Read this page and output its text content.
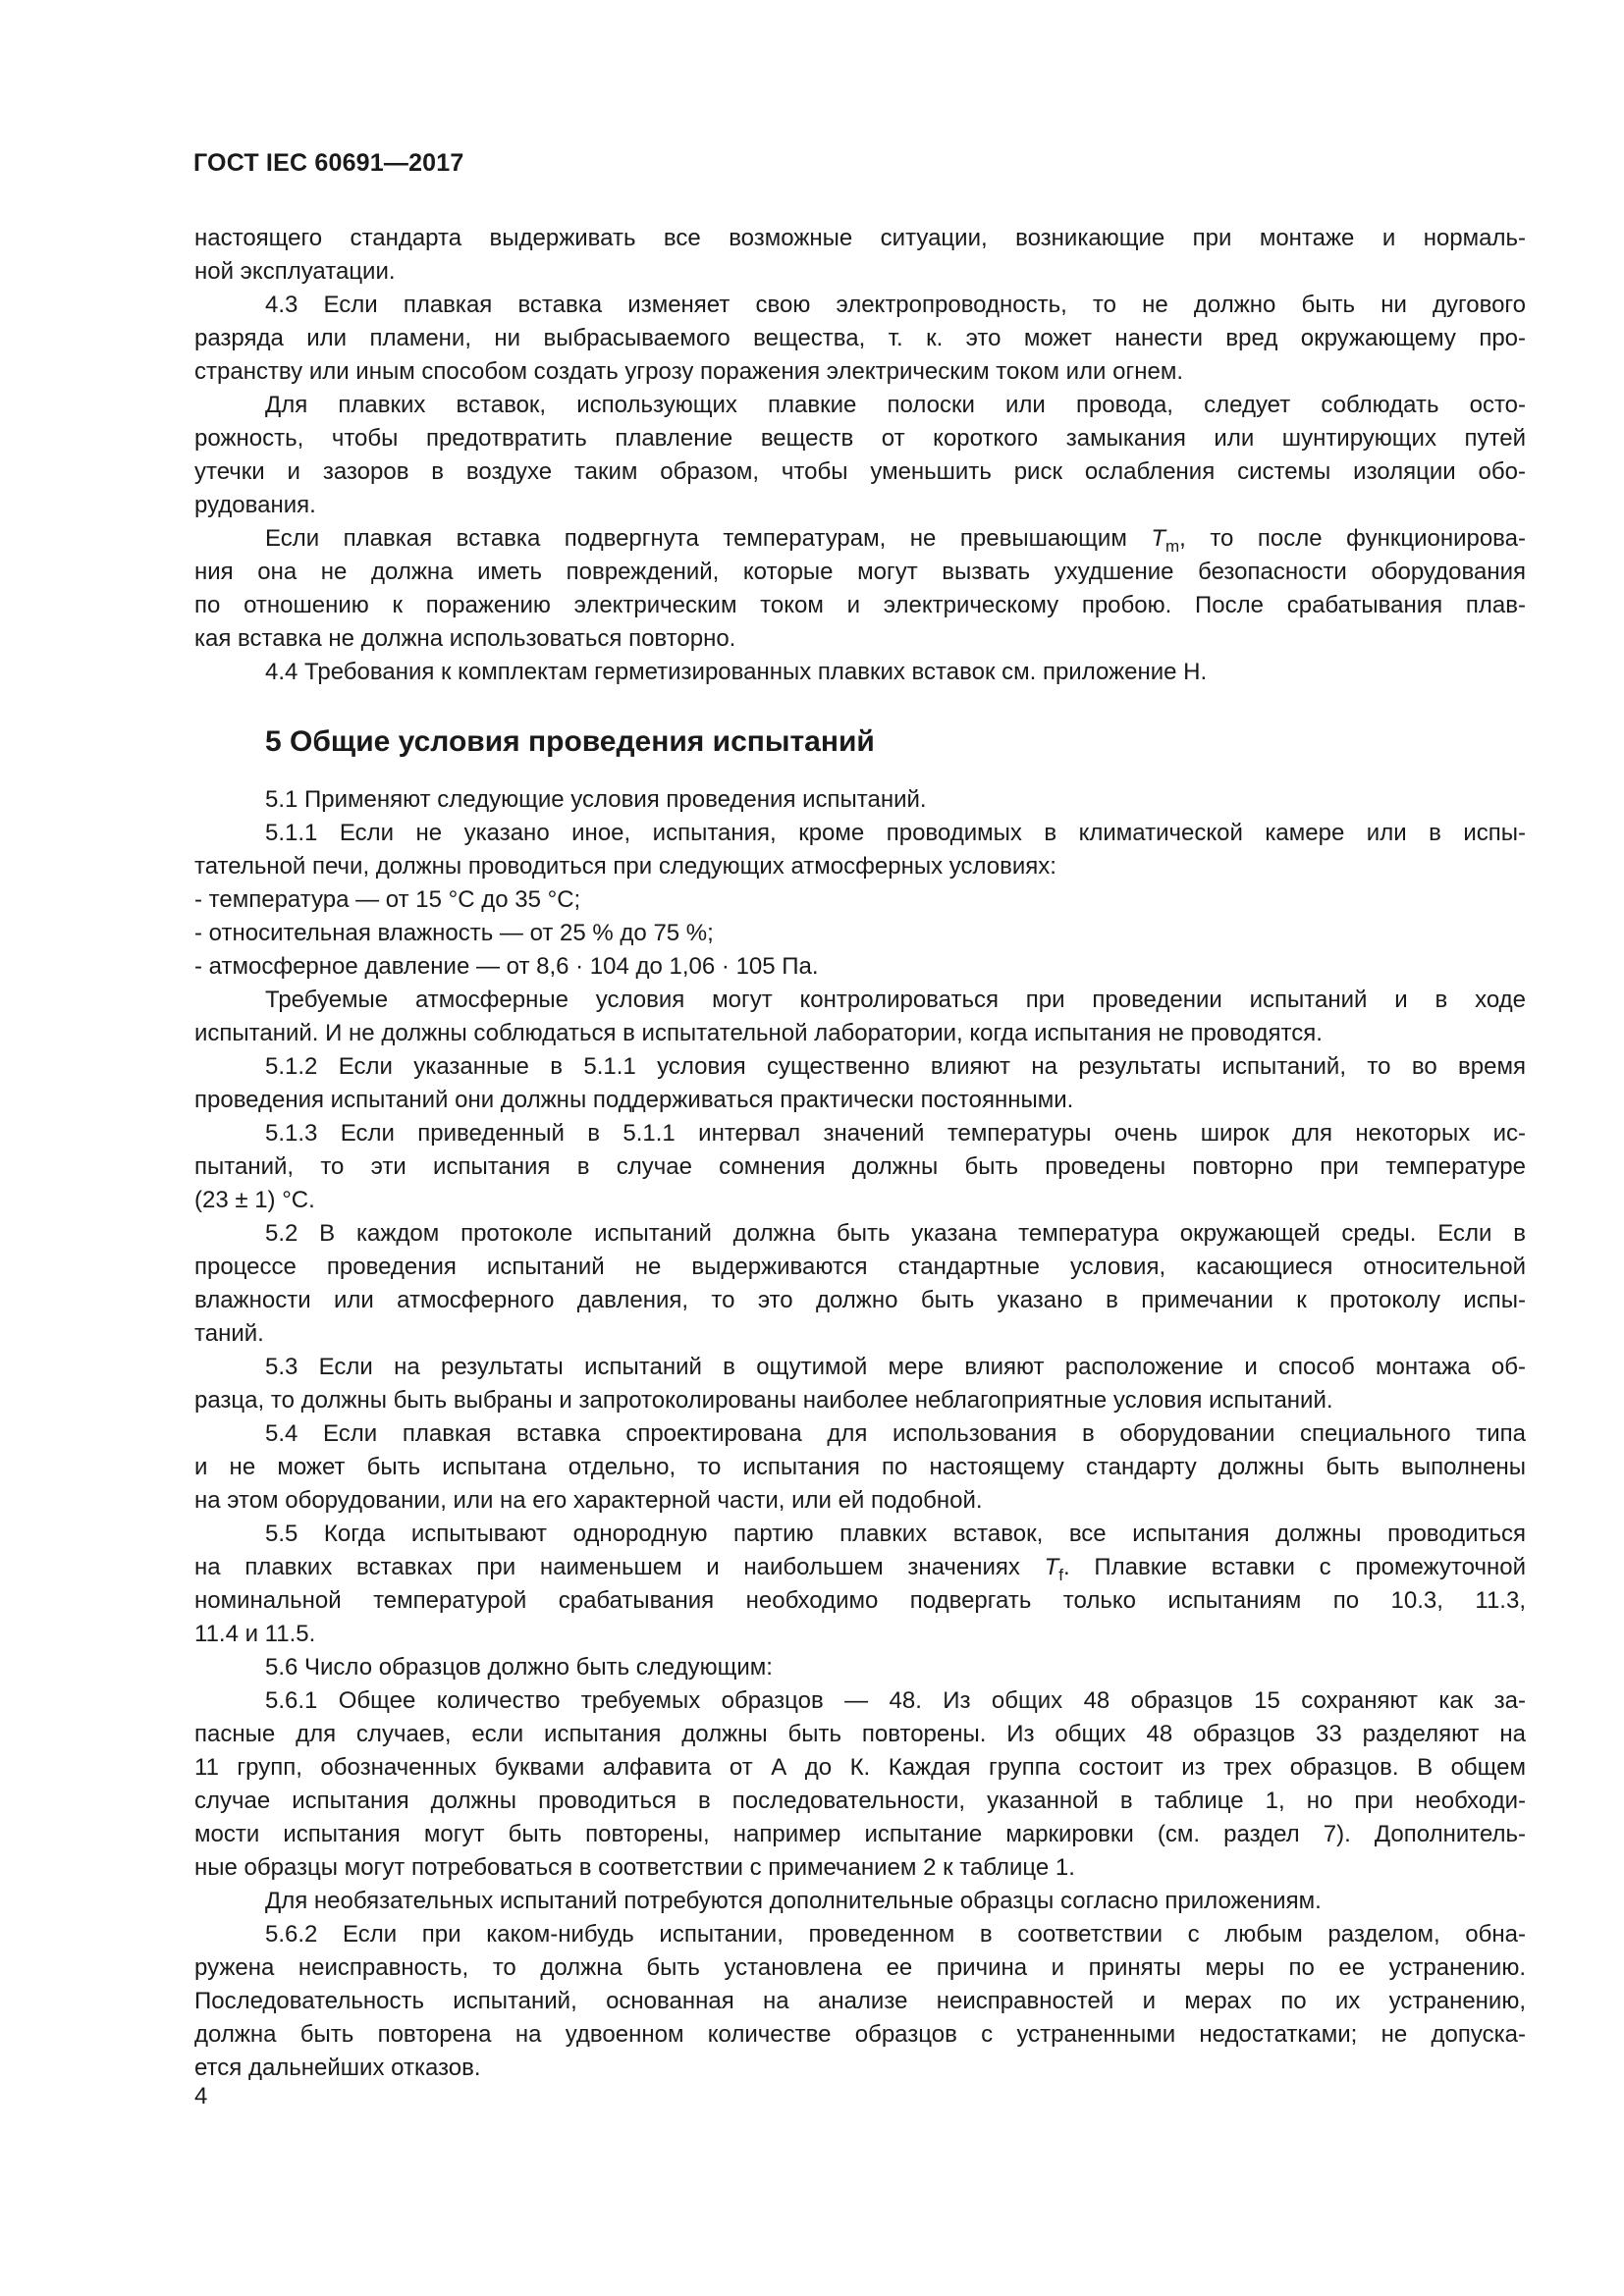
ГОСТ IEC 60691—2017
настоящего стандарта выдерживать все возможные ситуации, возникающие при монтаже и нормаль-
ной эксплуатации.
4.3 Если плавкая вставка изменяет свою электропроводность, то не должно быть ни дугового
разряда или пламени, ни выбрасываемого вещества, т. к. это может нанести вред окружающему про-
странству или иным способом создать угрозу поражения электрическим током или огнем.
Для плавких вставок, использующих плавкие полоски или провода, следует соблюдать осто-
рожность, чтобы предотвратить плавление веществ от короткого замыкания или шунтирующих путей
утечки и зазоров в воздухе таким образом, чтобы уменьшить риск ослабления системы изоляции обо-
рудования.
Если плавкая вставка подвергнута температурам, не превышающим $T_m$, то после функционирова-
ния она не должна иметь повреждений, которые могут вызвать ухудшение безопасности оборудования
по отношению к поражению электрическим током и электрическому пробою. После срабатывания плав-
кая вставка не должна использоваться повторно.
4.4 Требования к комплектам герметизированных плавких вставок см. приложение Н.
5 Общие условия проведения испытаний
5.1 Применяют следующие условия проведения испытаний.
5.1.1 Если не указано иное, испытания, кроме проводимых в климатической камере или в испы-
тательной печи, должны проводиться при следующих атмосферных условиях:
- температура — от 15 °С до 35 °С;
- относительная влажность — от 25 % до 75 %;
- атмосферное давление — от 8,6 · 104 до 1,06 · 105 Па.
Требуемые атмосферные условия могут контролироваться при проведении испытаний и в ходе
испытаний. И не должны соблюдаться в испытательной лаборатории, когда испытания не проводятся.
5.1.2 Если указанные в 5.1.1 условия существенно влияют на результаты испытаний, то во время
проведения испытаний они должны поддерживаться практически постоянными.
5.1.3 Если приведенный в 5.1.1 интервал значений температуры очень широк для некоторых ис-
пытаний, то эти испытания в случае сомнения должны быть проведены повторно при температуре
(23 ± 1) °С.
5.2 В каждом протоколе испытаний должна быть указана температура окружающей среды. Если в
процессе проведения испытаний не выдерживаются стандартные условия, касающиеся относительной
влажности или атмосферного давления, то это должно быть указано в примечании к протоколу испы-
таний.
5.3 Если на результаты испытаний в ощутимой мере влияют расположение и способ монтажа об-
разца, то должны быть выбраны и запротоколированы наиболее неблагоприятные условия испытаний.
5.4 Если плавкая вставка спроектирована для использования в оборудовании специального типа
и не может быть испытана отдельно, то испытания по настоящему стандарту должны быть выполнены
на этом оборудовании, или на его характерной части, или ей подобной.
5.5 Когда испытывают однородную партию плавких вставок, все испытания должны проводиться
на плавких вставках при наименьшем и наибольшем значениях $T_f$. Плавкие вставки с промежуточной
номинальной температурой срабатывания необходимо подвергать только испытаниям по 10.3, 11.3,
11.4 и 11.5.
5.6 Число образцов должно быть следующим:
5.6.1 Общее количество требуемых образцов — 48. Из общих 48 образцов 15 сохраняют как за-
пасные для случаев, если испытания должны быть повторены. Из общих 48 образцов 33 разделяют на
11 групп, обозначенных буквами алфавита от А до К. Каждая группа состоит из трех образцов. В общем
случае испытания должны проводиться в последовательности, указанной в таблице 1, но при необходи-
мости испытания могут быть повторены, например испытание маркировки (см. раздел 7). Дополнитель-
ные образцы могут потребоваться в соответствии с примечанием 2 к таблице 1.
Для необязательных испытаний потребуются дополнительные образцы согласно приложениям.
5.6.2 Если при каком-нибудь испытании, проведенном в соответствии с любым разделом, обна-
ружена неисправность, то должна быть установлена ее причина и приняты меры по ее устранению.
Последовательность испытаний, основанная на анализе неисправностей и мерах по их устранению,
должна быть повторена на удвоенном количестве образцов с устраненными недостатками; не допуска-
ется дальнейших отказов.
4
